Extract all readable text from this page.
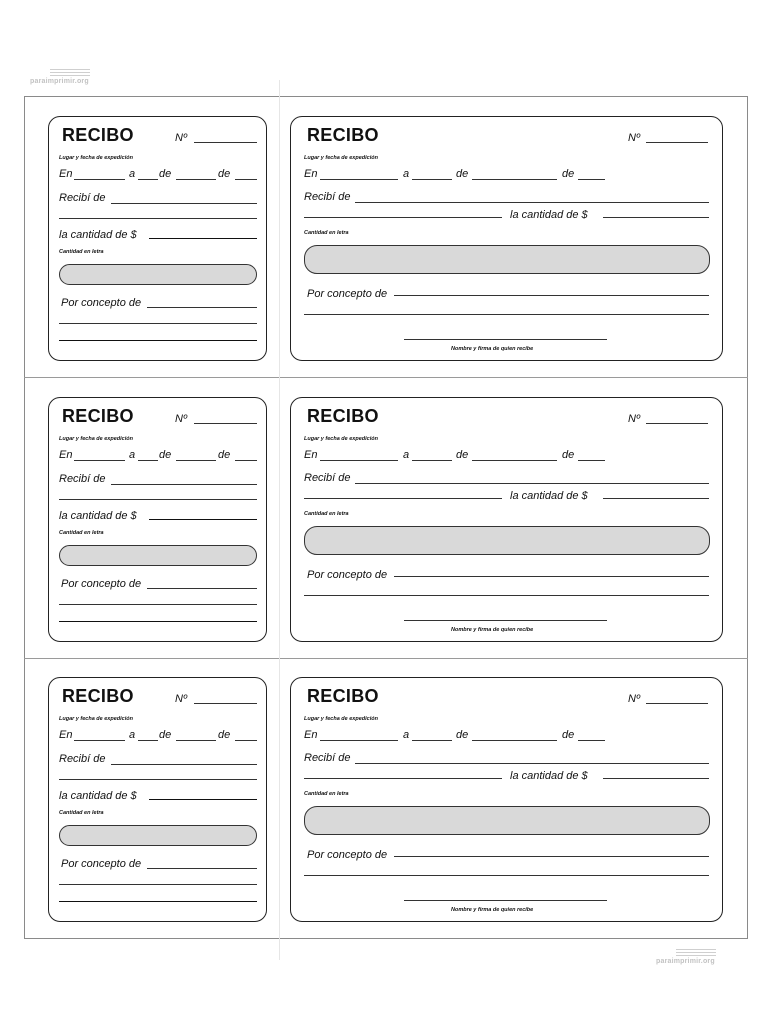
paraimprimir.org
RECIBO	Nº
Lugar y fecha de expedición
En	a de	de
Recibí de
la cantidad de $
Cantidad en letra
Por concepto de
RECIBO	Nº
Lugar y fecha de expedición
En	a	de	de
Recibí de
la cantidad de $
Cantidad en letra
Por concepto de
Nombre y firma de quien recibe
RECIBO	Nº
Lugar y fecha de expedición
En	a de	de
Recibí de
la cantidad de $
Cantidad en letra
Por concepto de
RECIBO	Nº
Lugar y fecha de expedición
En	a	de	de
Recibí de
la cantidad de $
Cantidad en letra
Por concepto de
Nombre y firma de quien recibe
RECIBO	Nº
Lugar y fecha de expedición
En	a de	de
Recibí de
la cantidad de $
Cantidad en letra
Por concepto de
RECIBO	Nº
Lugar y fecha de expedición
En	a	de	de
Recibí de
la cantidad de $
Cantidad en letra
Por concepto de
Nombre y firma de quien recibe
paraimprimir.org
